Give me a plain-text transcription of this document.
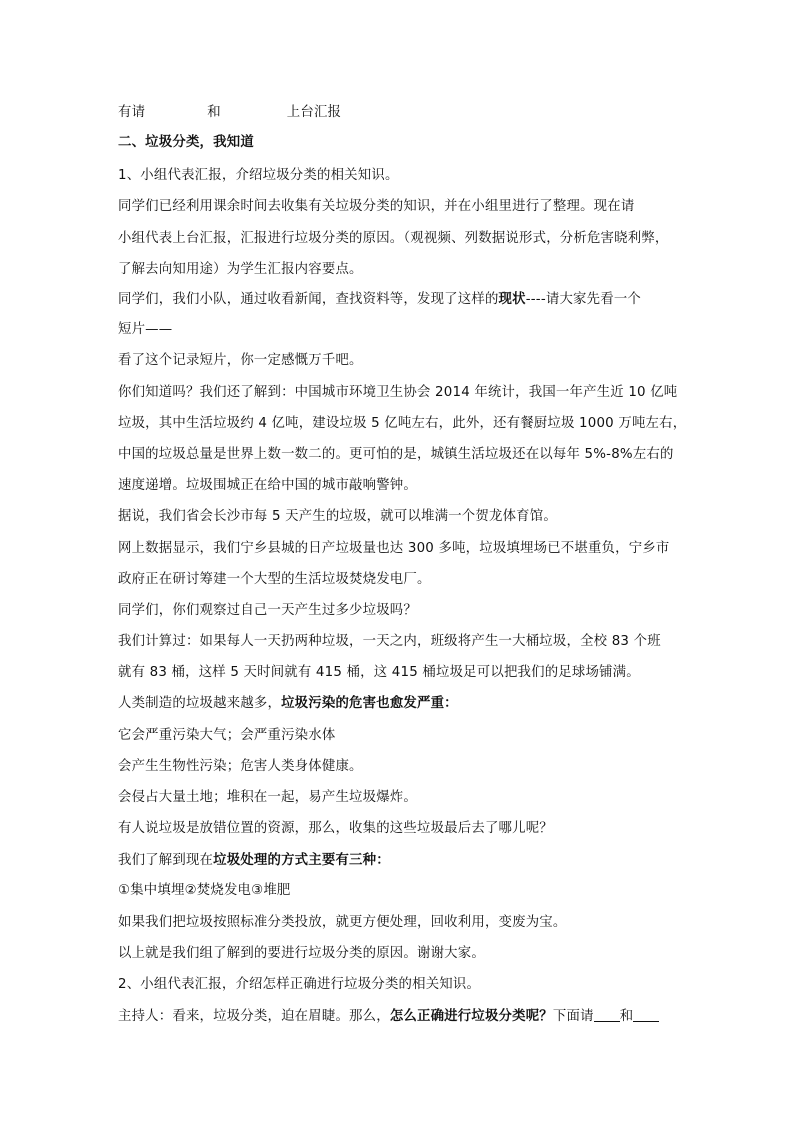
有请	和	上台汇报
二、垃圾分类，我知道
1、小组代表汇报，介绍垃圾分类的相关知识。
同学们已经利用课余时间去收集有关垃圾分类的知识，并在小组里进行了整理。现在请
小组代表上台汇报，汇报进行垃圾分类的原因。（观视频、列数据说形式，分析危害晓利弊，
了解去向知用途）为学生汇报内容要点。
同学们，我们小队，通过收看新闻，查找资料等，发现了这样的现状----请大家先看一个
短片——
看了这个记录短片，你一定感慨万千吧。
你们知道吗？我们还了解到：中国城市环境卫生协会 2014 年统计，我国一年产生近 10 亿吨
垃圾，其中生活垃圾约 4 亿吨，建设垃圾 5 亿吨左右，此外，还有餐厨垃圾 1000 万吨左右，
中国的垃圾总量是世界上数一数二的。更可怕的是，城镇生活垃圾还在以每年 5%-8%左右的
速度递增。垃圾围城正在给中国的城市敲响警钟。
据说，我们省会长沙市每 5 天产生的垃圾，就可以堆满一个贺龙体育馆。
网上数据显示，我们宁乡县城的日产垃圾量也达 300 多吨，垃圾填埋场已不堪重负，宁乡市
政府正在研讨筹建一个大型的生活垃圾焚烧发电厂。
同学们，你们观察过自己一天产生过多少垃圾吗？
我们计算过：如果每人一天扔两种垃圾，一天之内，班级将产生一大桶垃圾，全校 83 个班
就有 83 桶，这样 5 天时间就有 415 桶，这 415 桶垃圾足可以把我们的足球场铺满。
人类制造的垃圾越来越多，垃圾污染的危害也愈发严重：
它会严重污染大气；会严重污染水体
会产生生物性污染；危害人类身体健康。
会侵占大量土地；堆积在一起，易产生垃圾爆炸。
有人说垃圾是放错位置的资源，那么，收集的这些垃圾最后去了哪儿呢？
我们了解到现在垃圾处理的方式主要有三种：
①集中填埋②焚烧发电③堆肥
如果我们把垃圾按照标准分类投放，就更方便处理，回收利用，变废为宝。
以上就是我们组了解到的要进行垃圾分类的原因。谢谢大家。
2、小组代表汇报，介绍怎样正确进行垃圾分类的相关知识。
主持人：看来，垃圾分类，迫在眉睫。那么，怎么正确进行垃圾分类呢？下面请 和
